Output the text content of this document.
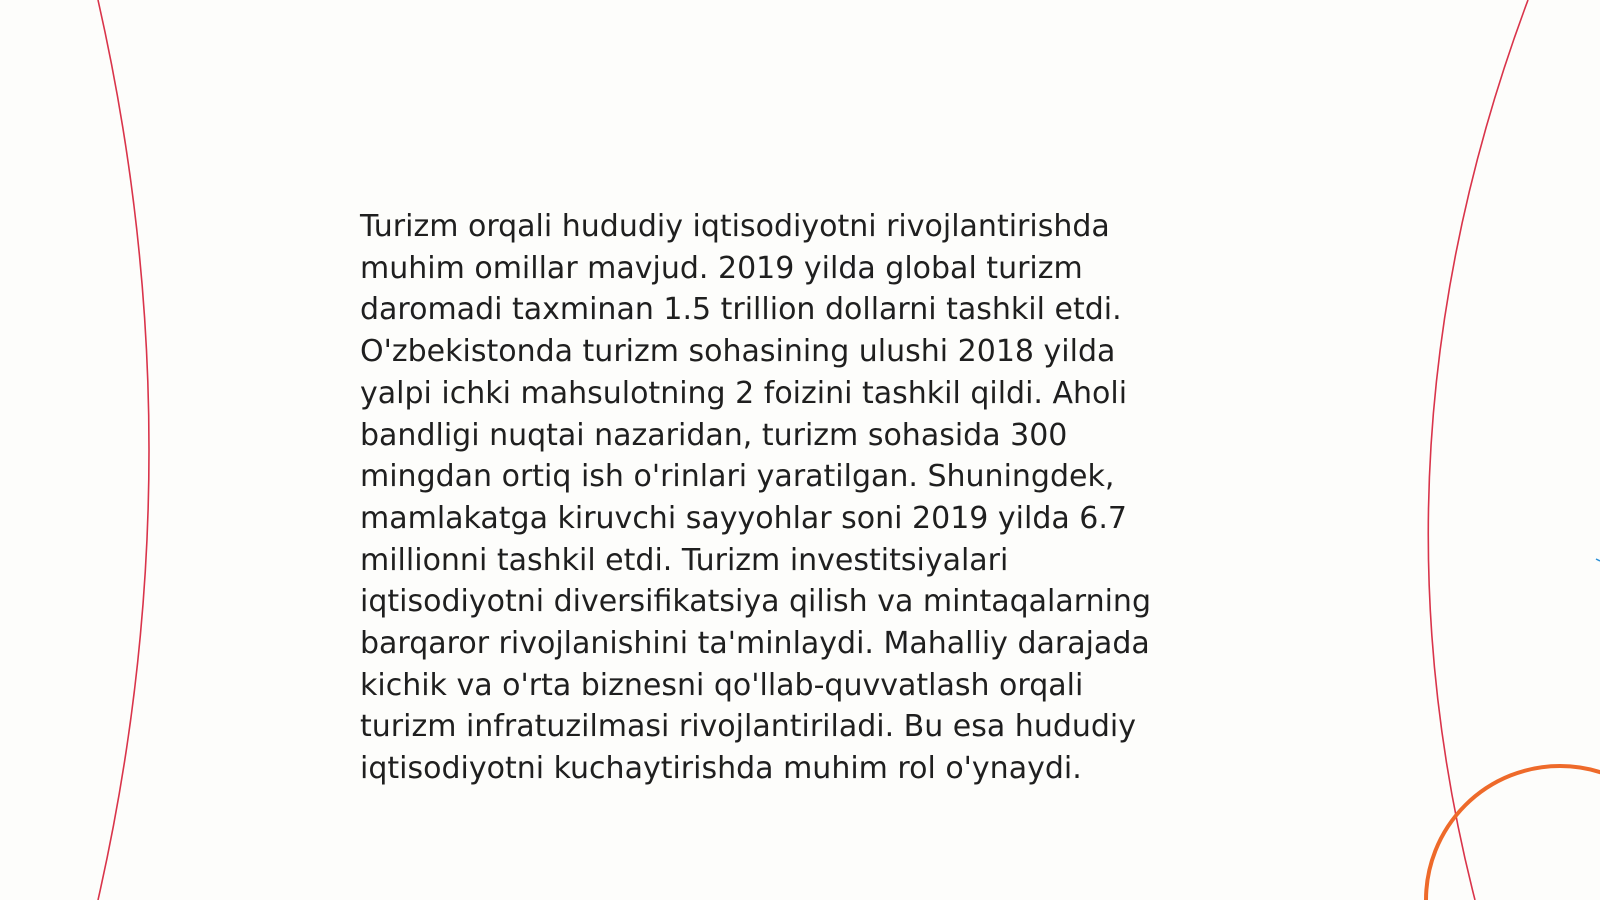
Turizm orqali hududiy iqtisodiyotni rivojlantirishda
muhim omillar mavjud. 2019 yilda global turizm
daromadi taxminan 1.5 trillion dollarni tashkil etdi.
O'zbekistonda turizm sohasining ulushi 2018 yilda
yalpi ichki mahsulotning 2 foizini tashkil qildi. Aholi
bandligi nuqtai nazaridan, turizm sohasida 300
mingdan ortiq ish o'rinlari yaratilgan. Shuningdek,
mamlakatga kiruvchi sayyohlar soni 2019 yilda 6.7
millionni tashkil etdi. Turizm investitsiyalari
iqtisodiyotni diversifikatsiya qilish va mintaqalarning
barqaror rivojlanishini ta'minlaydi. Mahalliy darajada
kichik va o'rta biznesni qo'llab-quvvatlash orqali
turizm infratuzilmasi rivojlantiriladi. Bu esa hududiy
iqtisodiyotni kuchaytirishda muhim rol o'ynaydi.
